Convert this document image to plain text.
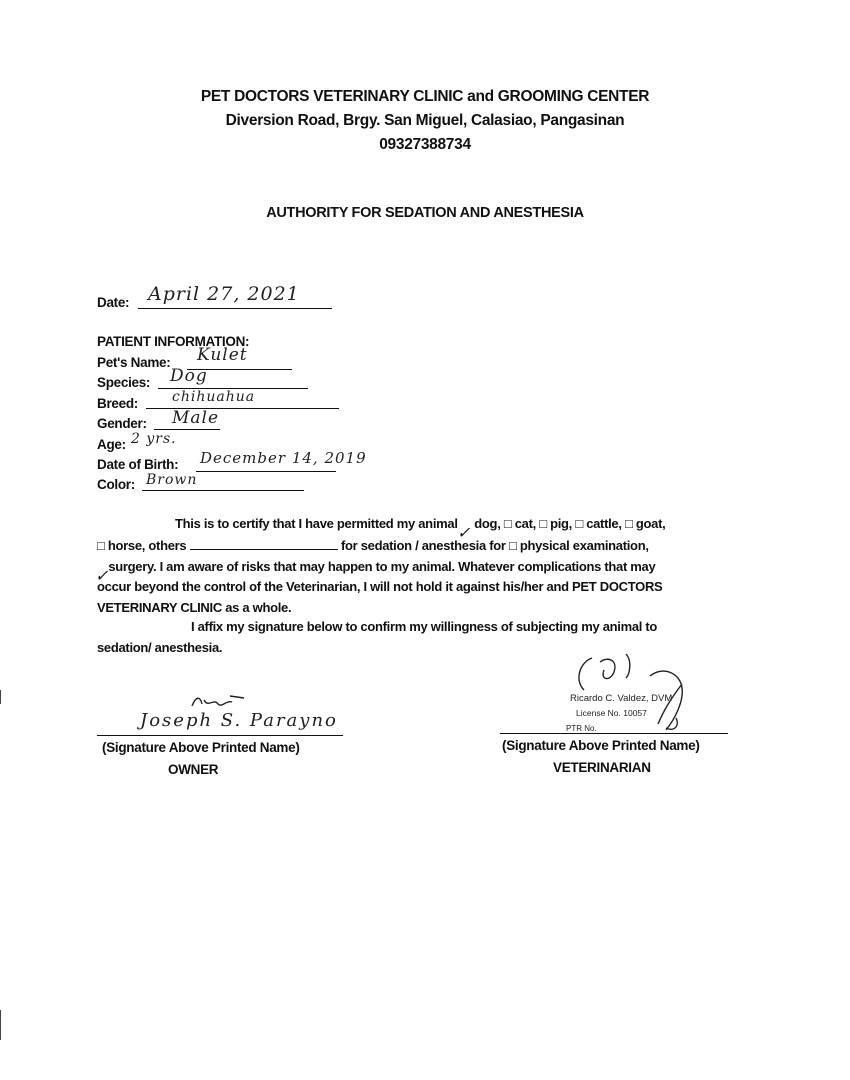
PET DOCTORS VETERINARY CLINIC and GROOMING CENTER
Diversion Road, Brgy. San Miguel, Calasiao, Pangasinan
09327388734
AUTHORITY FOR SEDATION AND ANESTHESIA
Date: April 27, 2021
PATIENT INFORMATION:
Pet's Name: Kulet
Species: Dog
Breed: chihuahua
Gender: Male
Age: 2 yrs.
Date of Birth: December 14, 2019
Color: Brown
This is to certify that I have permitted my animal ✓ dog, □ cat, □ pig, □ cattle, □ goat,
□ horse, others	for sedation / anesthesia for □ physical examination,
✓ surgery. I am aware of risks that may happen to my animal. Whatever complications that may
occur beyond the control of the Veterinarian, I will not hold it against his/her and PET DOCTORS
VETERINARY CLINIC as a whole.
I affix my signature below to confirm my willingness of subjecting my animal to
sedation/ anesthesia.
Joseph S. Parayno
(Signature Above Printed Name)
OWNER
Ricardo C. Valdez, DVM
License No. 10057
PTR No.
(Signature Above Printed Name)
VETERINARIAN
